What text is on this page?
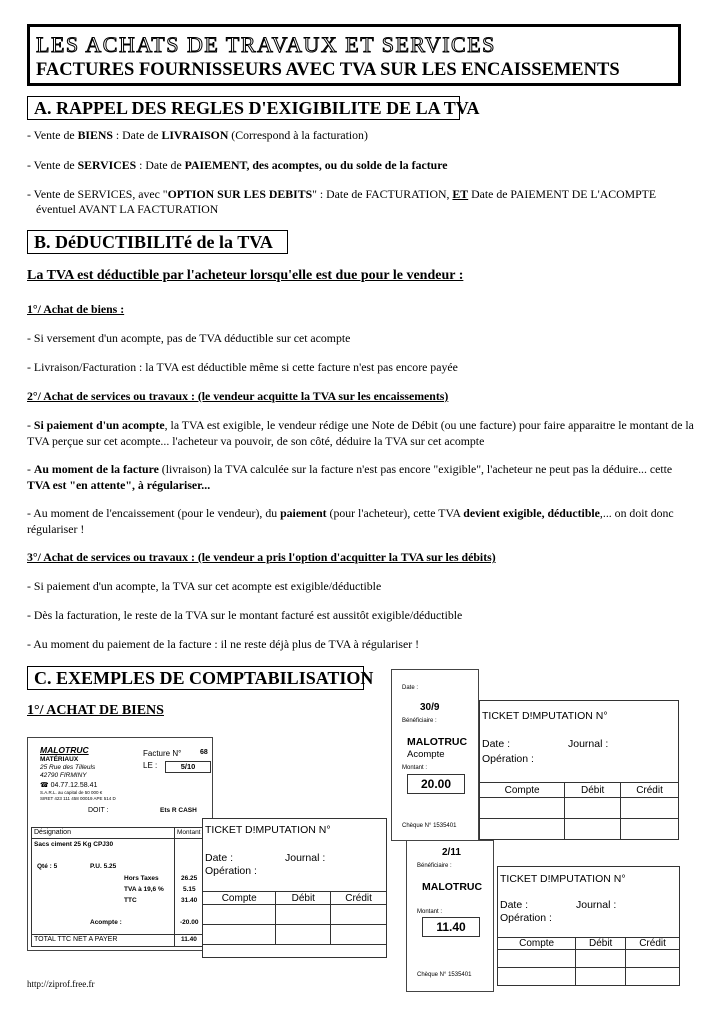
LES ACHATS DE TRAVAUX ET SERVICES
FACTURES FOURNISSEURS AVEC TVA SUR LES ENCAISSEMENTS
A. RAPPEL DES REGLES D'EXIGIBILITE DE LA TVA
- Vente de BIENS : Date de LIVRAISON (Correspond à la facturation)
- Vente de SERVICES : Date de PAIEMENT, des acomptes, ou du solde de la facture
- Vente de SERVICES, avec "OPTION SUR LES DEBITS" : Date de FACTURATION, ET Date de PAIEMENT DE L'ACOMPTE
éventuel AVANT LA FACTURATION
B. DéDUCTIBILITé de la TVA
La TVA est déductible par l'acheteur lorsqu'elle est due pour le vendeur :
1°/ Achat de biens :
- Si versement d'un acompte, pas de TVA déductible sur cet acompte
- Livraison/Facturation : la TVA est déductible même si cette facture n'est pas encore payée
2°/ Achat de services ou travaux : (le vendeur acquitte la TVA sur les encaissements)
- Si paiement d'un acompte, la TVA est exigible, le vendeur rédige une Note de Débit (ou une facture) pour faire apparaitre le montant de la TVA perçue sur cet acompte... l'acheteur va pouvoir, de son côté, déduire la TVA sur cet acompte
- Au moment de la facture (livraison) la TVA calculée sur la facture n'est pas encore "exigible", l'acheteur ne peut pas la déduire... cette TVA est "en attente", à régulariser...
- Au moment de l'encaissement (pour le vendeur), du paiement (pour l'acheteur), cette TVA devient exigible, déductible,... on doit donc régulariser !
3°/ Achat de services ou travaux : (le vendeur a pris l'option d'acquitter la TVA sur les débits)
- Si paiement d'un acompte, la TVA sur cet acompte est exigible/déductible
- Dès la facturation, le reste de la TVA sur le montant facturé est aussitôt exigible/déductible
- Au moment du paiement de la facture : il ne reste déjà plus de TVA à régulariser !
C. EXEMPLES DE COMPTABILISATION
1°/ ACHAT DE BIENS
MALOTRUC
MATÉRIAUX
25 Rue des Tilleuls
42790 FIRMINY
☎ 04.77.12.58.41
S.A.R.L. au capital de 50 000 €
SIRET 423 111 458 00019 APE 514 D
Facture N°	68
LE :	5/10
DOIT :	Ets R CASH
Désignation	Montant
Sacs ciment 25 Kg CPJ30
Qté : 5	P.U. 5.25
Hors Taxes	26.25
TVA à 19,6 %	5.15
TTC	31.40
Acompte :	-20.00
TOTAL TTC NET A PAYER	11.40
TICKET D!MPUTATION N°
Date :	Journal :
Opération :
Compte	Débit	Crédit

Date :
30/9
Bénéficiaire :
MALOTRUC
Acompte
Montant :
20.00
Chèque N° 1535401
TICKET D!MPUTATION N°
Date :	Journal :
Opération :
Compte	Débit	Crédit

2/11
Bénéficiaire :
MALOTRUC
Montant :
11.40
Chèque N° 1535401
TICKET D!MPUTATION N°
Date :	Journal :
Opération :
Compte	Débit	Crédit

http://ziprof.free.fr
